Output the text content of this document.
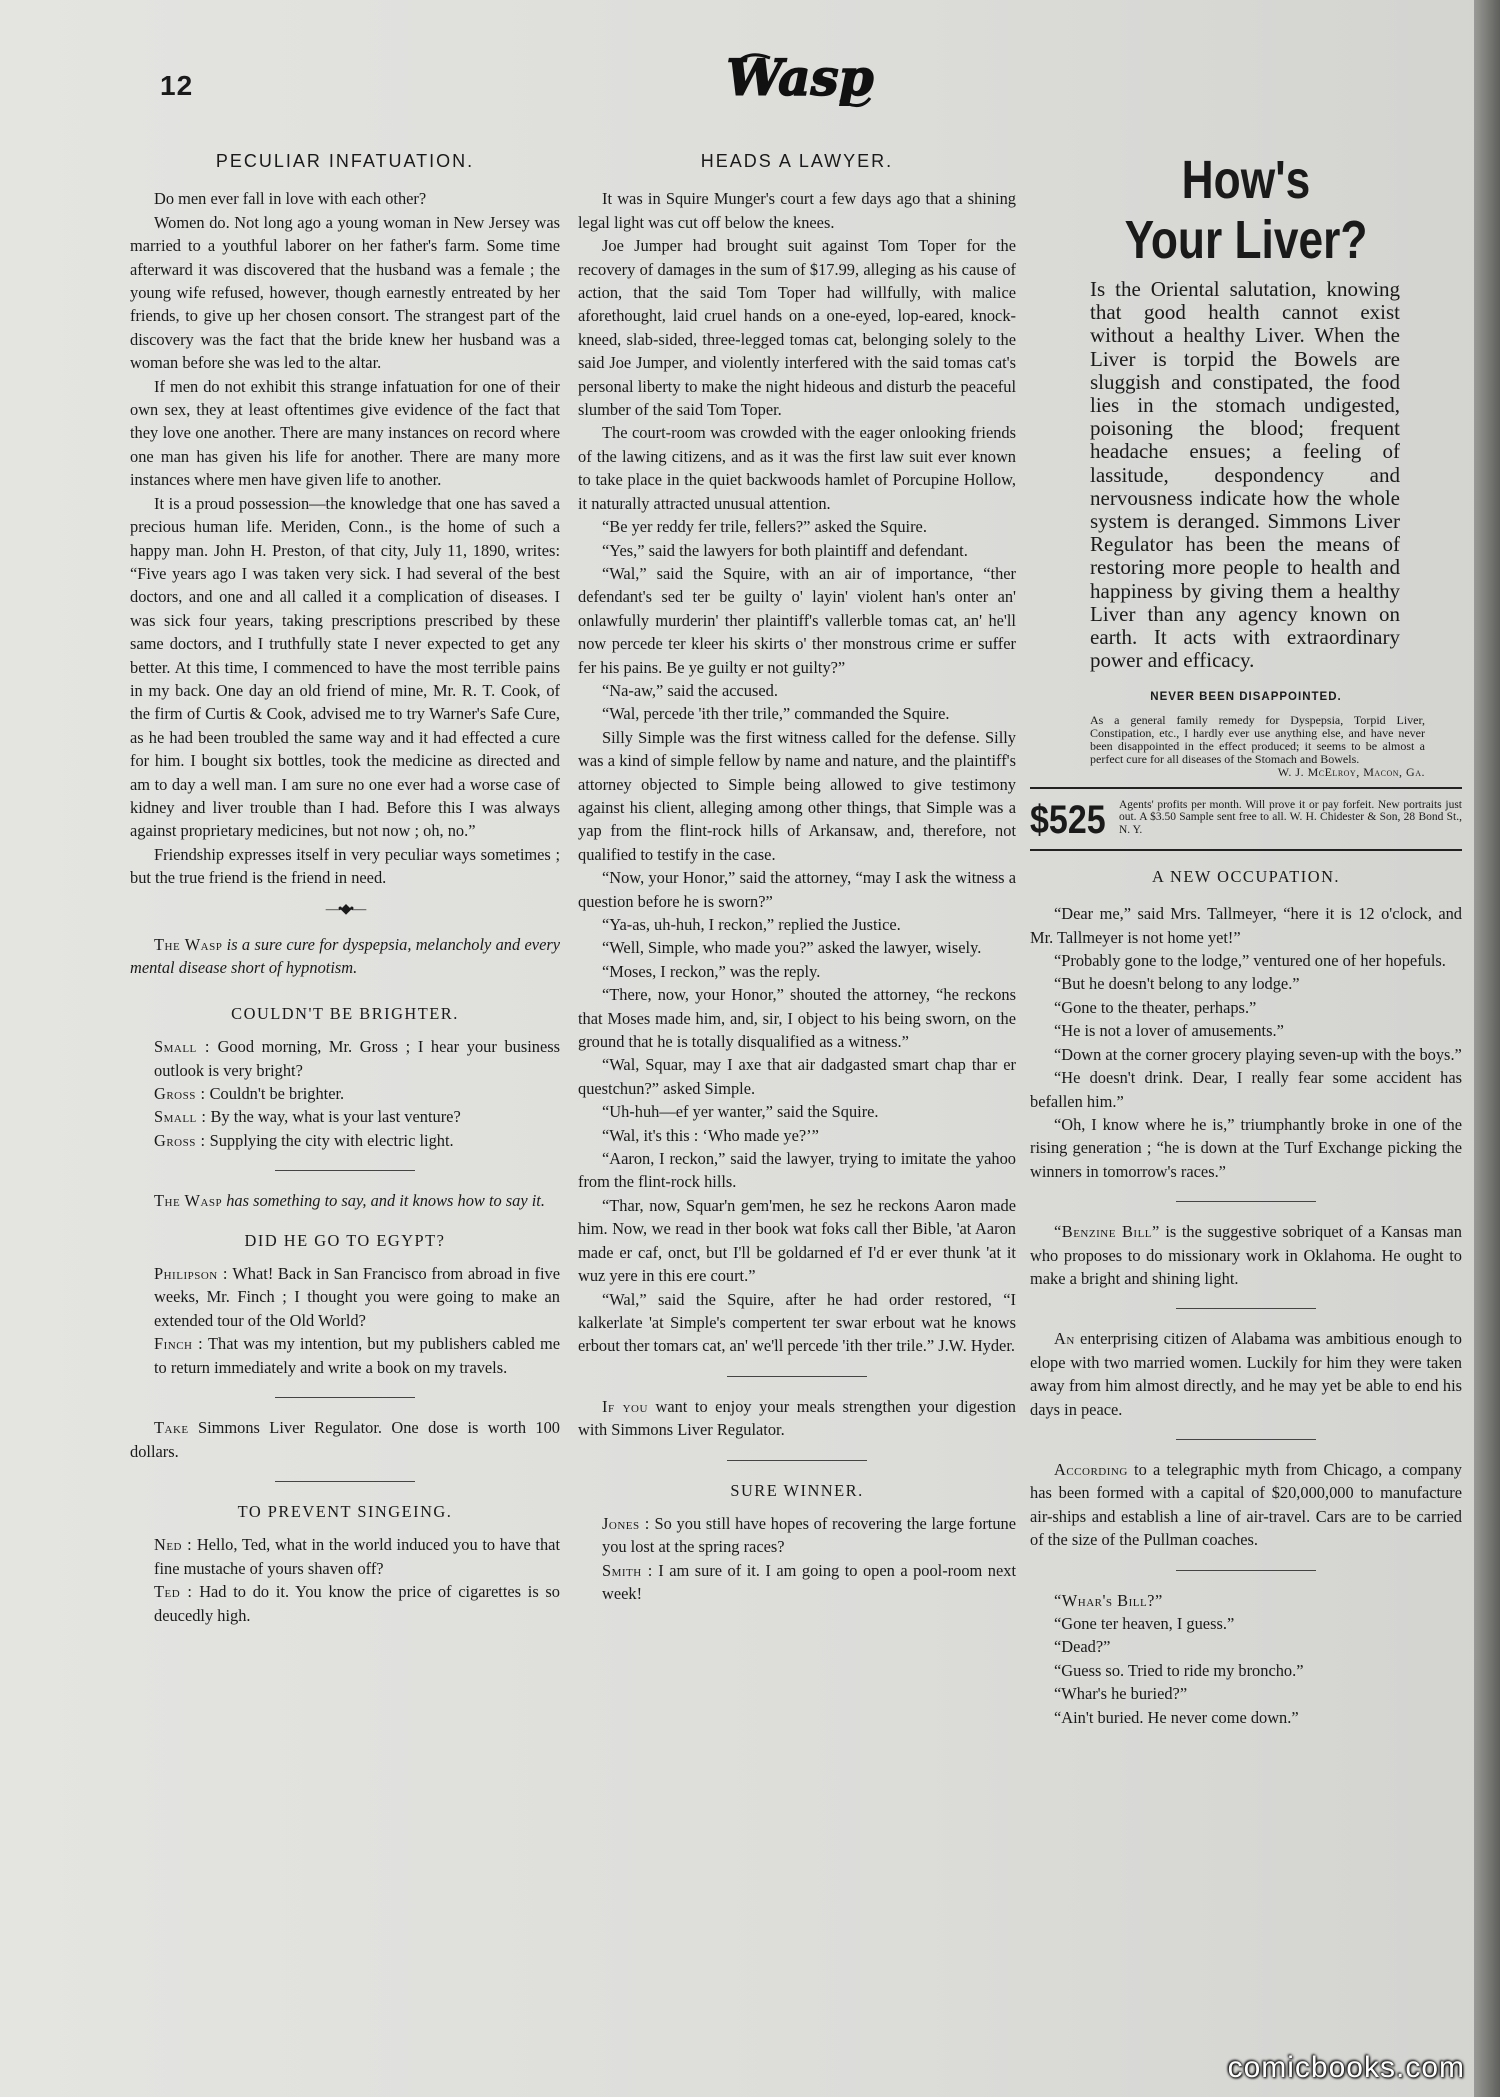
12	Wasp
PECULIAR INFATUATION.

Do men ever fall in love with each other?

Women do. Not long ago a young woman in New Jersey was married to a youthful laborer on her father's farm. Some time afterward it was discovered that the husband was a female ; the young wife refused, however, though earnestly entreated by her friends, to give up her chosen consort. The strangest part of the discovery was the fact that the bride knew her husband was a woman before she was led to the altar.

If men do not exhibit this strange infatuation for one of their own sex, they at least oftentimes give evidence of the fact that they love one another. There are many instances on record where one man has given his life for another. There are many more instances where men have given life to another.

It is a proud possession—the knowledge that one has saved a precious human life. Meriden, Conn., is the home of such a happy man. John H. Preston, of that city, July 11, 1890, writes: “Five years ago I was taken very sick. I had several of the best doctors, and one and all called it a complication of diseases. I was sick four years, taking prescriptions prescribed by these same doctors, and I truthfully state I never expected to get any better. At this time, I commenced to have the most terrible pains in my back. One day an old friend of mine, Mr. R. T. Cook, of the firm of Curtis & Cook, advised me to try Warner's Safe Cure, as he had been troubled the same way and it had effected a cure for him. I bought six bottles, took the medicine as directed and am to day a well man. I am sure no one ever had a worse case of kidney and liver trouble than I had. Before this I was always against proprietary medicines, but not now ; oh, no.”

Friendship expresses itself in very peculiar ways sometimes ; but the true friend is the friend in need.

—•◆•—

The Wasp is a sure cure for dyspepsia, melancholy and every mental disease short of hypnotism.

COULDN'T BE BRIGHTER.

Small : Good morning, Mr. Gross ; I hear your business outlook is very bright?

Gross : Couldn't be brighter.

Small : By the way, what is your last venture?

Gross : Supplying the city with electric light.

The Wasp has something to say, and it knows how to say it.

DID HE GO TO EGYPT?

Philipson : What! Back in San Francisco from abroad in five weeks, Mr. Finch ; I thought you were going to make an extended tour of the Old World?

Finch : That was my intention, but my publishers cabled me to return immediately and write a book on my travels.

Take Simmons Liver Regulator. One dose is worth 100 dollars.

TO PREVENT SINGEING.

Ned : Hello, Ted, what in the world induced you to have that fine mustache of yours shaven off?

Ted : Had to do it. You know the price of cigarettes is so deucedly high.

HEADS A LAWYER.

It was in Squire Munger's court a few days ago that a shining legal light was cut off below the knees.

Joe Jumper had brought suit against Tom Toper for the recovery of damages in the sum of $17.99, alleging as his cause of action, that the said Tom Toper had willfully, with malice aforethought, laid cruel hands on a one-eyed, lop-eared, knock-kneed, slab-sided, three-legged tomas cat, belonging solely to the said Joe Jumper, and violently interfered with the said tomas cat's personal liberty to make the night hideous and disturb the peaceful slumber of the said Tom Toper.

The court-room was crowded with the eager onlooking friends of the lawing citizens, and as it was the first law suit ever known to take place in the quiet backwoods hamlet of Porcupine Hollow, it naturally attracted unusual attention.

“Be yer reddy fer trile, fellers?” asked the Squire.

“Yes,” said the lawyers for both plaintiff and defendant.

“Wal,” said the Squire, with an air of importance, “ther defendant's sed ter be guilty o' layin' violent han's onter an' onlawfully murderin' ther plaintiff's vallerble tomas cat, an' he'll now percede ter kleer his skirts o' ther monstrous crime er suffer fer his pains. Be ye guilty er not guilty?”

“Na-aw,” said the accused.

“Wal, percede 'ith ther trile,” commanded the Squire.

Silly Simple was the first witness called for the defense. Silly was a kind of simple fellow by name and nature, and the plaintiff's attorney objected to Simple being allowed to give testimony against his client, alleging among other things, that Simple was a yap from the flint-rock hills of Arkansaw, and, therefore, not qualified to testify in the case.

“Now, your Honor,” said the attorney, “may I ask the witness a question before he is sworn?”

“Ya-as, uh-huh, I reckon,” replied the Justice.

“Well, Simple, who made you?” asked the lawyer, wisely.

“Moses, I reckon,” was the reply.

“There, now, your Honor,” shouted the attorney, “he reckons that Moses made him, and, sir, I object to his being sworn, on the ground that he is totally disqualified as a witness.”

“Wal, Squar, may I axe that air dadgasted smart chap thar er questchun?” asked Simple.

“Uh-huh—ef yer wanter,” said the Squire.

“Wal, it's this : ‘Who made ye?’”

“Aaron, I reckon,” said the lawyer, trying to imitate the yahoo from the flint-rock hills.

“Thar, now, Squar'n gem'men, he sez he reckons Aaron made him. Now, we read in ther book wat foks call ther Bible, 'at Aaron made er caf, onct, but I'll be goldarned ef I'd er ever thunk 'at it wuz yere in this ere court.”

“Wal,” said the Squire, after he had order restored, “I kalkerlate 'at Simple's compertent ter swar erbout wat he knows erbout ther tomars cat, an' we'll percede 'ith ther trile.” J.W. Hyder.

If you want to enjoy your meals strengthen your digestion with Simmons Liver Regulator.

SURE WINNER.

Jones : So you still have hopes of recovering the large fortune you lost at the spring races?

Smith : I am sure of it. I am going to open a pool-room next week!

How's
Your Liver?
Is the Oriental salutation, knowing that good health cannot exist without a healthy Liver. When the Liver is torpid the Bowels are sluggish and constipated, the food lies in the stomach undigested, poisoning the blood; frequent headache ensues; a feeling of lassitude, despondency and nervousness indicate how the whole system is deranged. Simmons Liver Regulator has been the means of restoring more people to health and happiness by giving them a healthy Liver than any agency known on earth. It acts with extraordinary power and efficacy.
NEVER BEEN DISAPPOINTED.
As a general family remedy for Dyspepsia, Torpid Liver, Constipation, etc., I hardly ever use anything else, and have never been disappointed in the effect produced; it seems to be almost a perfect cure for all diseases of the Stomach and Bowels.
W. J. McElroy, Macon, Ga.
$525 Agents' profits per month. Will prove it or pay forfeit. New portraits just out. A $3.50 Sample sent free to all. W. H. Chidester & Son, 28 Bond St., N. Y.
A NEW OCCUPATION.

“Dear me,” said Mrs. Tallmeyer, “here it is 12 o'clock, and Mr. Tallmeyer is not home yet!”

“Probably gone to the lodge,” ventured one of her hopefuls.

“But he doesn't belong to any lodge.”

“Gone to the theater, perhaps.”

“He is not a lover of amusements.”

“Down at the corner grocery playing seven-up with the boys.”

“He doesn't drink. Dear, I really fear some accident has befallen him.”

“Oh, I know where he is,” triumphantly broke in one of the rising generation ; “he is down at the Turf Exchange picking the winners in tomorrow's races.”

“Benzine Bill” is the suggestive sobriquet of a Kansas man who proposes to do missionary work in Oklahoma. He ought to make a bright and shining light.

An enterprising citizen of Alabama was ambitious enough to elope with two married women. Luckily for him they were taken away from him almost directly, and he may yet be able to end his days in peace.

According to a telegraphic myth from Chicago, a company has been formed with a capital of $20,000,000 to manufacture air-ships and establish a line of air-travel. Cars are to be carried of the size of the Pullman coaches.

“Whar's Bill?”

“Gone ter heaven, I guess.”

“Dead?”

“Guess so. Tried to ride my broncho.”

“Whar's he buried?”

“Ain't buried. He never come down.”

comicbooks.com
